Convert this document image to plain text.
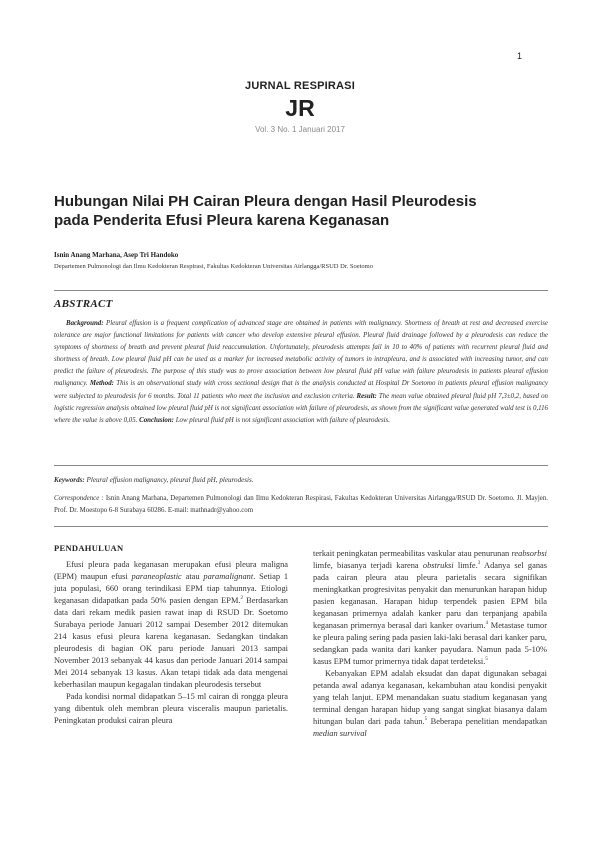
1
JURNAL RESPIRASI
JR
Vol. 3 No. 1 Januari 2017
Hubungan Nilai PH Cairan Pleura dengan Hasil Pleurodesis
pada Penderita Efusi Pleura karena Keganasan
Isnin Anang Marhana, Asep Tri Handoko
Departemen Pulmonologi dan Ilmu Kedokteran Respirasi, Fakultas Kedokteran Universitas Airlangga/RSUD Dr. Soetomo
ABSTRACT
Background: Pleural effusion is a frequent complication of advanced stage are obtained in patients with malignancy. Shortness of breath at rest and decreased exercise tolerance are major functional limitations for patients with cancer who develop extensive pleural effusion. Pleural fluid drainage followed by a pleurodesis can reduce the symptoms of shortness of breath and prevent pleural fluid reaccumulation. Unfortunately, pleurodesis attempts fail in 10 to 40% of patients with recurrent pleural fluid and shortness of breath. Low pleural fluid pH can be used as a marker for increased metabolic activity of tumors in intrapleura, and is associated with increasing tumor, and can predict the failure of pleurodesis. The purpose of this study was to prove association between low pleural fluid pH value with failure pleurodesis in patients pleural effusion malignancy. Method: This is an observational study with cross sectional design that is the analysis conducted at Hospital Dr Soetomo in patients pleural effusion malignancy were subjected to pleurodesis for 6 months. Total 11 patients who meet the inclusion and exclusion criteria. Result: The mean value obtained pleural fluid pH 7,3±0,2, based on logistic regression analysis obtained low pleural fluid pH is not significant association with failure of pleurodesis, as shown from the significant value generated wald test is 0,116 where the value is above 0,05. Conclusion: Low pleural fluid pH is not significant association with failure of pleurodesis.
Keywords: Pleural effusion malignancy, pleural fluid pH, pleurodesis.
Correspondence : Isnin Anang Marhana, Departemen Pulmonologi dan Ilmu Kedokteran Respirasi, Fakultas Kedokteran Universitas Airlangga/RSUD Dr. Soetomo. Jl. Mayjen. Prof. Dr. Moestopo 6-8 Surabaya 60286. E-mail: mathnadr@yahoo.com
PENDAHULUAN

Efusi pleura pada keganasan merupakan efusi pleura maligna (EPM) maupun efusi paraneoplastic atau paramalignant. Setiap 1 juta populasi, 660 orang terindikasi EPM tiap tahunnya. Etiologi keganasan didapatkan pada 50% pasien dengan EPM.$^2$ Berdasarkan data dari rekam medik pasien rawat inap di RSUD Dr. Soetomo Surabaya periode Januari 2012 sampai Desember 2012 ditemukan 214 kasus efusi pleura karena keganasan. Sedangkan tindakan pleurodesis di bagian OK paru periode Januari 2013 sampai November 2013 sebanyak 44 kasus dan periode Januari 2014 sampai Mei 2014 sebanyak 13 kasus. Akan tetapi tidak ada data mengenai keberhasilan maupun kegagalan tindakan pleurodesis tersebut

Pada kondisi normal didapatkan 5–15 ml cairan di rongga pleura yang dibentuk oleh membran pleura visceralis maupun parietalis. Peningkatan produksi cairan pleura

terkait peningkatan permeabilitas vaskular atau penurunan reabsorbsi limfe, biasanya terjadi karena obstruksi limfe.$^3$ Adanya sel ganas pada cairan pleura atau pleura parietalis secara signifikan meningkatkan progresivitas penyakit dan menurunkan harapan hidup pasien keganasan. Harapan hidup terpendek pasien EPM bila keganasan primernya adalah kanker paru dan terpanjang apabila keganasan primernya berasal dari kanker ovarium.$^4$ Metastase tumor ke pleura paling sering pada pasien laki-laki berasal dari kanker paru, sedangkan pada wanita dari kanker payudara. Namun pada 5-10% kasus EPM tumor primernya tidak dapat terdeteksi.$^5$

Kebanyakan EPM adalah eksudat dan dapat digunakan sebagai petanda awal adanya keganasan, kekambuhan atau kondisi penyakit yang telah lanjut. EPM menandakan suatu stadium keganasan yang terminal dengan harapan hidup yang sangat singkat biasanya dalam hitungan bulan dari pada tahun.$^5$ Beberapa penelitian mendapatkan median survival
